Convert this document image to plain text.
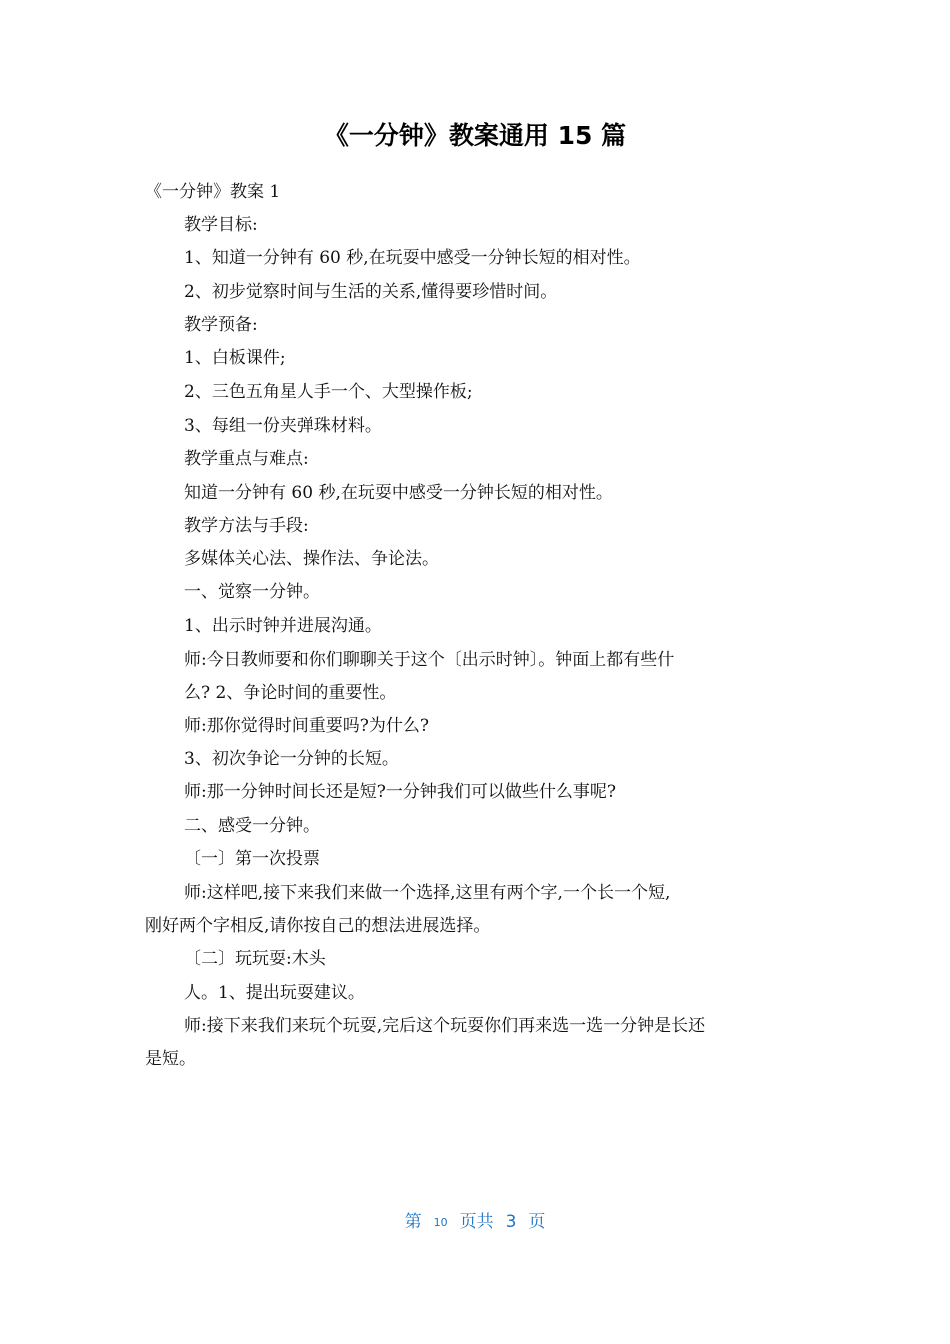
《一分钟》教案通用 15 篇
《一分钟》教案 1
教学目标:
1、知道一分钟有 60 秒,在玩耍中感受一分钟长短的相对性。
2、初步觉察时间与生活的关系,懂得要珍惜时间。
教学预备:
1、白板课件;
2、三色五角星人手一个、大型操作板;
3、每组一份夹弹珠材料。
教学重点与难点:
知道一分钟有 60 秒,在玩耍中感受一分钟长短的相对性。
教学方法与手段:
多媒体关心法、操作法、争论法。
一、觉察一分钟。
1、出示时钟并进展沟通。
师:今日教师要和你们聊聊关于这个〔出示时钟〕。钟面上都有些什
么? 2、争论时间的重要性。
师:那你觉得时间重要吗?为什么?
3、初次争论一分钟的长短。
师:那一分钟时间长还是短?一分钟我们可以做些什么事呢?
二、感受一分钟。
〔一〕第一次投票
师:这样吧,接下来我们来做一个选择,这里有两个字,一个长一个短,
刚好两个字相反,请你按自己的想法进展选择。
〔二〕玩玩耍:木头
人。1、提出玩耍建议。
师:接下来我们来玩个玩耍,完后这个玩耍你们再来选一选一分钟是长还
是短。
第 10 页共 3 页
